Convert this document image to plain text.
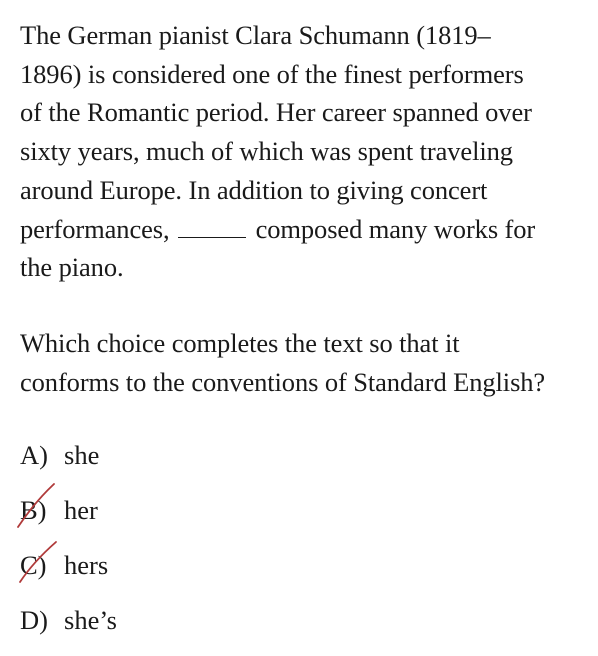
The German pianist Clara Schumann (1819–
1896) is considered one of the finest performers
of the Romantic period. Her career spanned over
sixty years, much of which was spent traveling
around Europe. In addition to giving concert
performances,	composed many works for
the piano.

Which choice completes the text so that it
conforms to the conventions of Standard English?

A) she
B) her
C) hers
D) she’s
